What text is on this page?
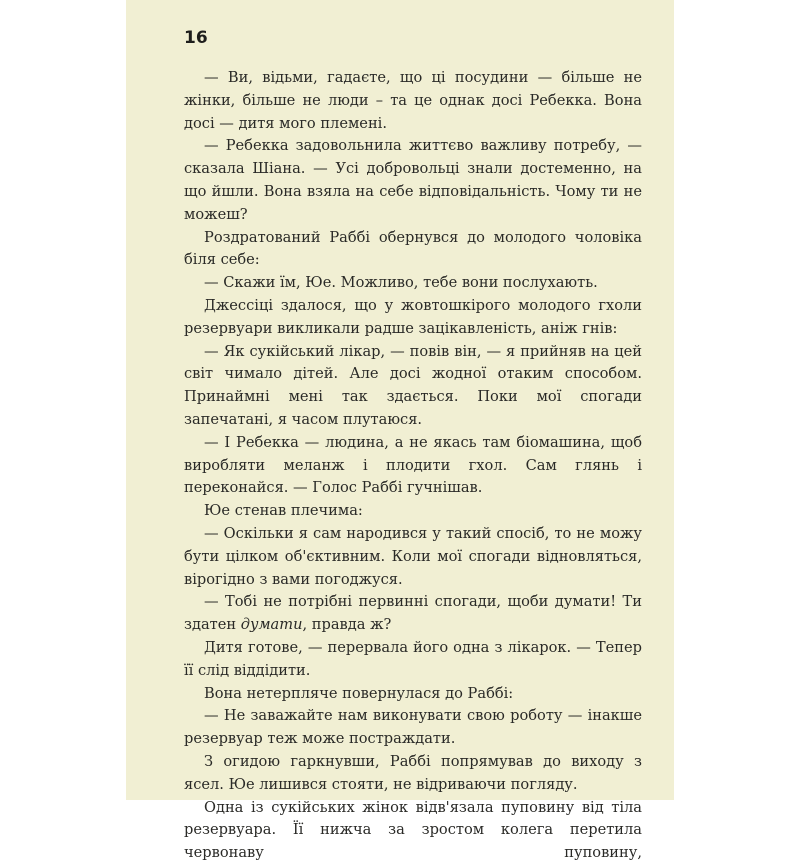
16

— Ви, відьми, гадаєте, що ці посудини — більше не жінки, більше не люди – та це однак досі Ребекка. Вона досі — дитя мого племені.

— Ребекка задовольнила життєво важливу потребу, — сказала Шіана. — Усі добровольці знали достеменно, на що йшли. Вона взяла на себе відповідальність. Чому ти не можеш?

Роздратований Раббі обернувся до молодого чоловіка біля себе:

— Скажи їм, Юе. Можливо, тебе вони послухають.

Джессіці здалося, що у жовтошкірого молодого гхоли резервуари викликали радше зацікавленість, аніж гнів:

— Як сукійський лікар, — повів він, — я прийняв на цей світ чимало дітей. Але досі жодної отаким способом. Принаймні мені так здається. Поки мої спогади запечатані, я часом плутаюся.

— І Ребекка — людина, а не якась там біомашина, щоб виробляти меланж і плодити гхол. Сам глянь і переконайся. — Голос Раббі гучнішав.

Юе стенав плечима:

— Оскільки я сам народився у такий спосіб, то не можу бути цілком об'єктивним. Коли мої спогади відновляться, вірогідно з вами погоджуся.

— Тобі не потрібні первинні спогади, щоби думати! Ти здатен думати, правда ж?

Дитя готове, — перервала його одна з лікарок. — Тепер її слід віддідити.

Вона нетерпляче повернулася до Раббі:

— Не заважайте нам виконувати свою роботу — інакше резервуар теж може постраждати.

З огидою гаркнувши, Раббі попрямував до виходу з ясел. Юе лишився стояти, не відриваючи погляду.

Одна із сукійських жінок відв'язала пуповину від тіла резервуара. Її нижча за зростом колега перетила червонаву пуповину,
